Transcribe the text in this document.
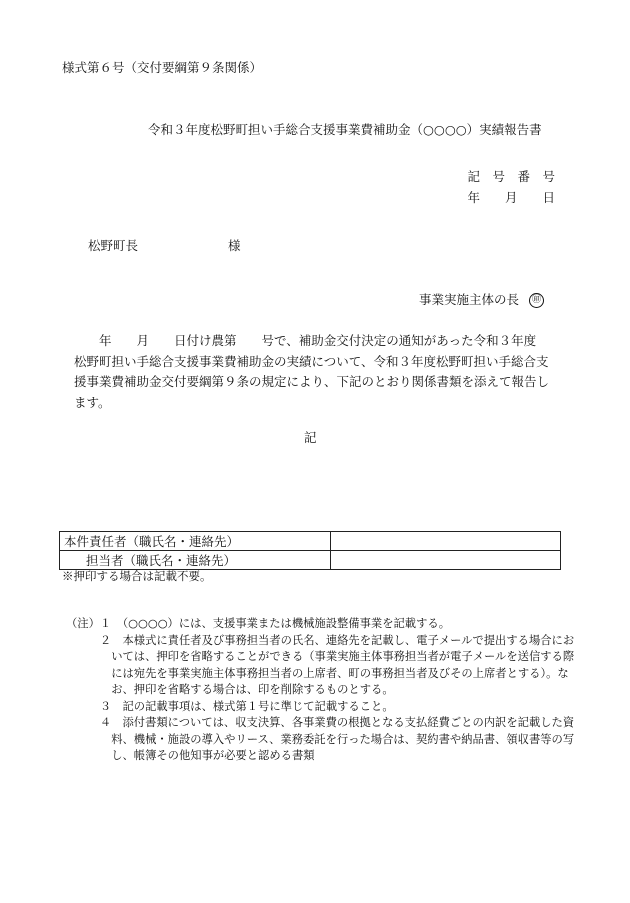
様式第６号（交付要綱第９条関係）
令和３年度松野町担い手総合支援事業費補助金（○○○○）実績報告書
記　号　番　号
年　　月　　日
松野町長	様
事業実施主体の長 ㊞
　　年　　月　　日付け農第　　号で、補助金交付決定の通知があった令和３年度
松野町担い手総合支援事業費補助金の実績について、令和３年度松野町担い手総合支
援事業費補助金交付要綱第９条の規定により、下記のとおり関係書類を添えて報告し
ます。
記
本件責任者（職氏名・連絡先）	
担当者（職氏名・連絡先）	
※押印する場合は記載不要。
（注）１　（○○○○）には、支援事業または機械施設整備事業を記載する。
　　　２　本様式に責任者及び事務担当者の氏名、連絡先を記載し、電子メールで提出する場合にお
　　　　いては、押印を省略することができる（事業実施主体事務担当者が電子メールを送信する際
　　　　には宛先を事業実施主体事務担当者の上席者、町の事務担当者及びその上席者とする）。な
　　　　お、押印を省略する場合は、印を削除するものとする。
　　　３　記の記載事項は、様式第１号に準じて記載すること。
　　　４　添付書類については、収支決算、各事業費の根拠となる支払経費ごとの内訳を記載した資
　　　　料、機械・施設の導入やリース、業務委託を行った場合は、契約書や納品書、領収書等の写
　　　　し、帳簿その他知事が必要と認める書類
